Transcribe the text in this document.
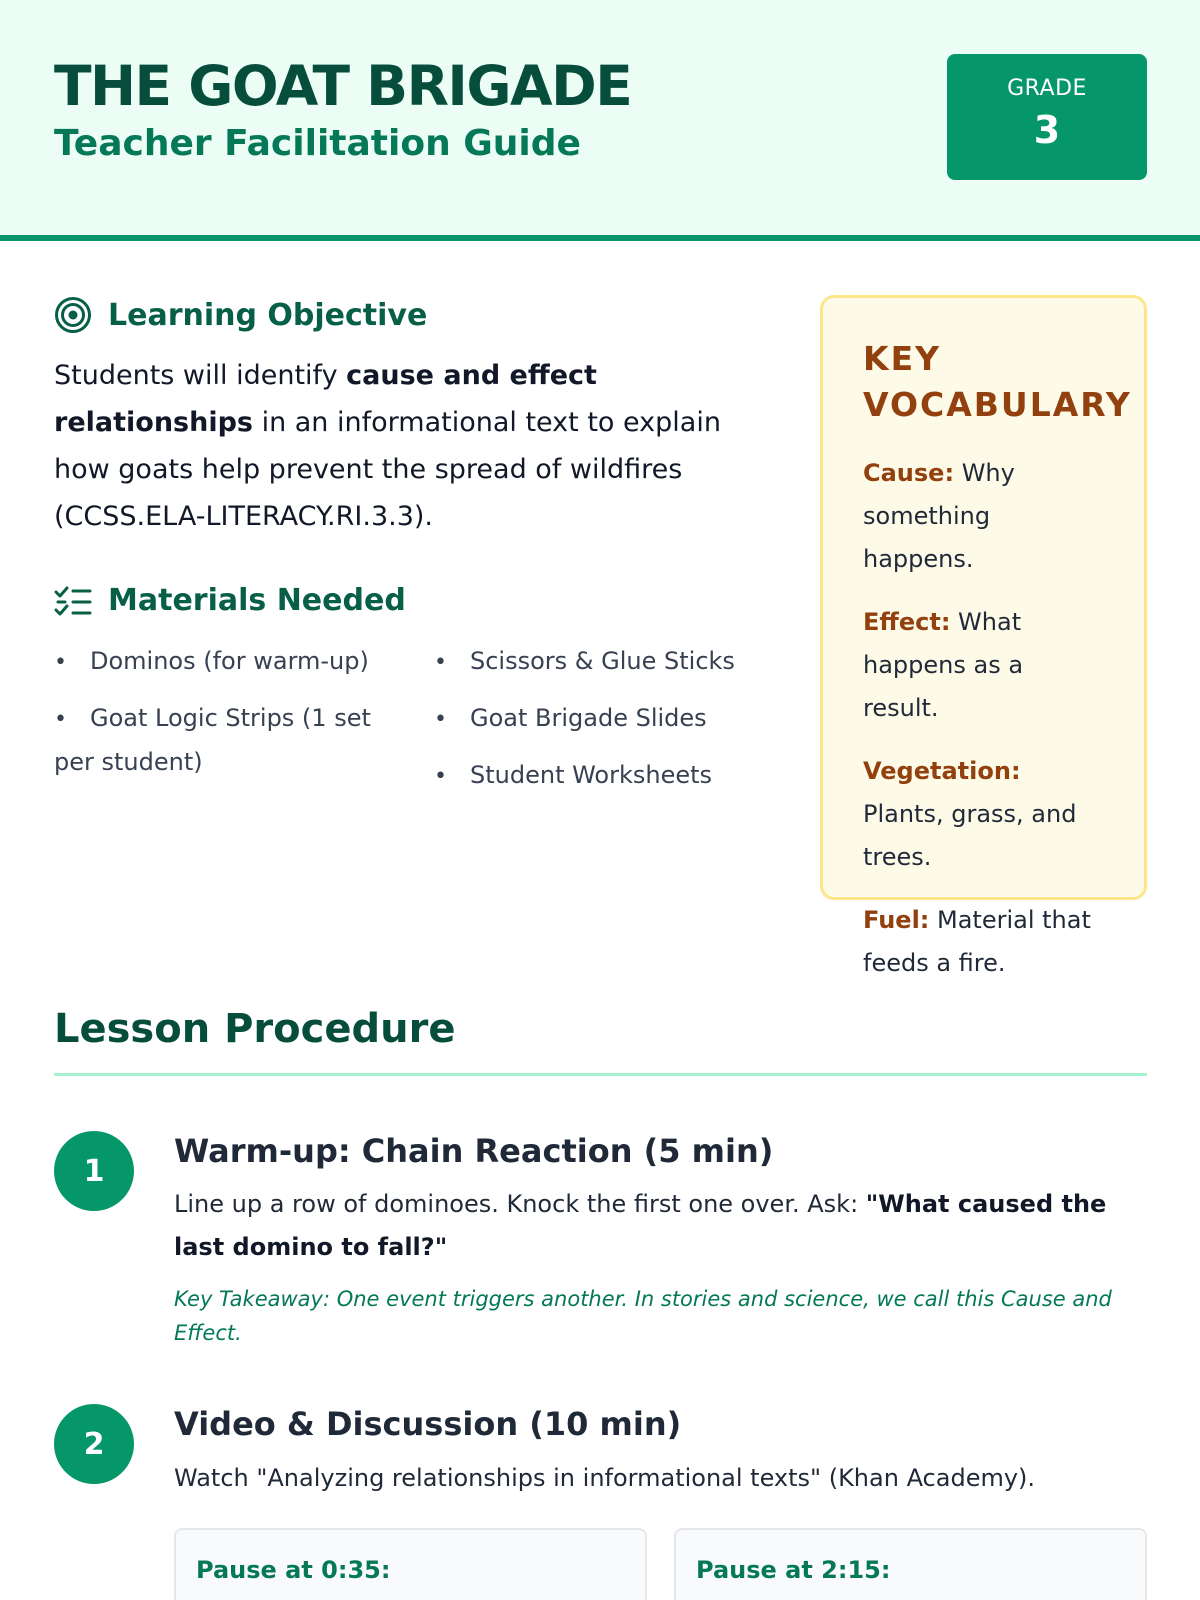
THE GOAT BRIGADE
Teacher Facilitation Guide
GRADE
3
Learning Objective

Students will identify cause and effect relationships in an informational text to explain how goats help prevent the spread of wildfires (CCSS.ELA-LITERACY.RI.3.3).

Materials Needed
• Dominos (for warm-up)
• Goat Logic Strips (1 set per student)
• Scissors & Glue Sticks
• Goat Brigade Slides
• Student Worksheets
KEY VOCABULARY
Cause: Why something happens.
Effect: What happens as a result.
Vegetation: Plants, grass, and trees.
Fuel: Material that feeds a fire.
Lesson Procedure
1
Warm-up: Chain Reaction (5 min)

Line up a row of dominoes. Knock the first one over. Ask: "What caused the last domino to fall?"

Key Takeaway: One event triggers another. In stories and science, we call this Cause and Effect.

2
Video & Discussion (10 min)

Watch "Analyzing relationships in informational texts" (Khan Academy).

Pause at 0:35:	Pause at 2:15:
